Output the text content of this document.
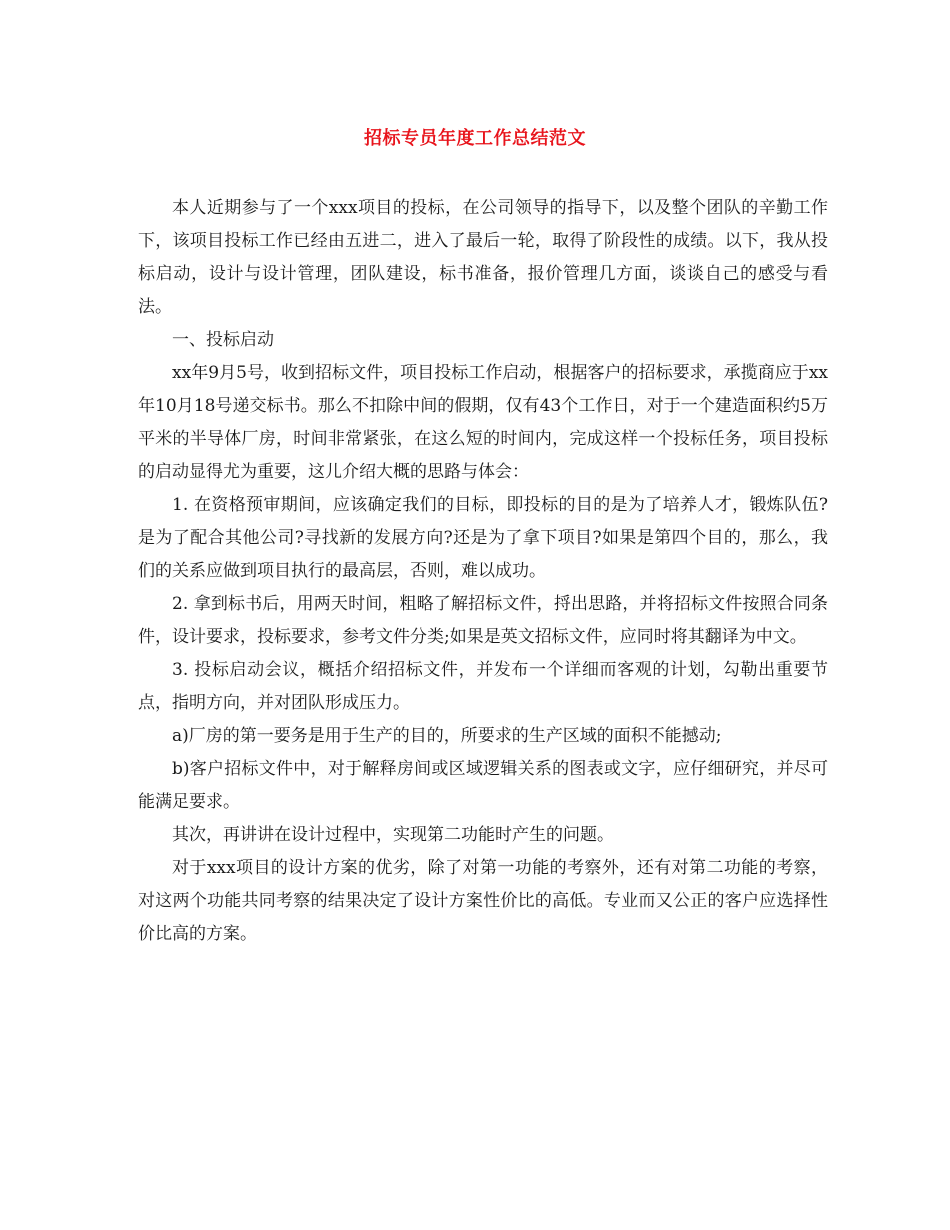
招标专员年度工作总结范文

本人近期参与了一个xxx项目的投标，在公司领导的指导下，以及整个团队的辛勤工作下，该项目投标工作已经由五进二，进入了最后一轮，取得了阶段性的成绩。以下，我从投标启动，设计与设计管理，团队建设，标书准备，报价管理几方面，谈谈自己的感受与看法。

一、投标启动

xx年9月5号，收到招标文件，项目投标工作启动，根据客户的招标要求，承揽商应于xx年10月18号递交标书。那么不扣除中间的假期，仅有43个工作日，对于一个建造面积约5万平米的半导体厂房，时间非常紧张，在这么短的时间内，完成这样一个投标任务，项目投标的启动显得尤为重要，这儿介绍大概的思路与体会：

1. 在资格预审期间，应该确定我们的目标，即投标的目的是为了培养人才，锻炼队伍?是为了配合其他公司?寻找新的发展方向?还是为了拿下项目?如果是第四个目的，那么，我们的关系应做到项目执行的最高层，否则，难以成功。

2. 拿到标书后，用两天时间，粗略了解招标文件，捋出思路，并将招标文件按照合同条件，设计要求，投标要求，参考文件分类;如果是英文招标文件，应同时将其翻译为中文。

3. 投标启动会议，概括介绍招标文件，并发布一个详细而客观的计划，勾勒出重要节点，指明方向，并对团队形成压力。

a)厂房的第一要务是用于生产的目的，所要求的生产区域的面积不能撼动;

b)客户招标文件中，对于解释房间或区域逻辑关系的图表或文字，应仔细研究，并尽可能满足要求。

其次，再讲讲在设计过程中，实现第二功能时产生的问题。

对于xxx项目的设计方案的优劣，除了对第一功能的考察外，还有对第二功能的考察，对这两个功能共同考察的结果决定了设计方案性价比的高低。专业而又公正的客户应选择性价比高的方案。
